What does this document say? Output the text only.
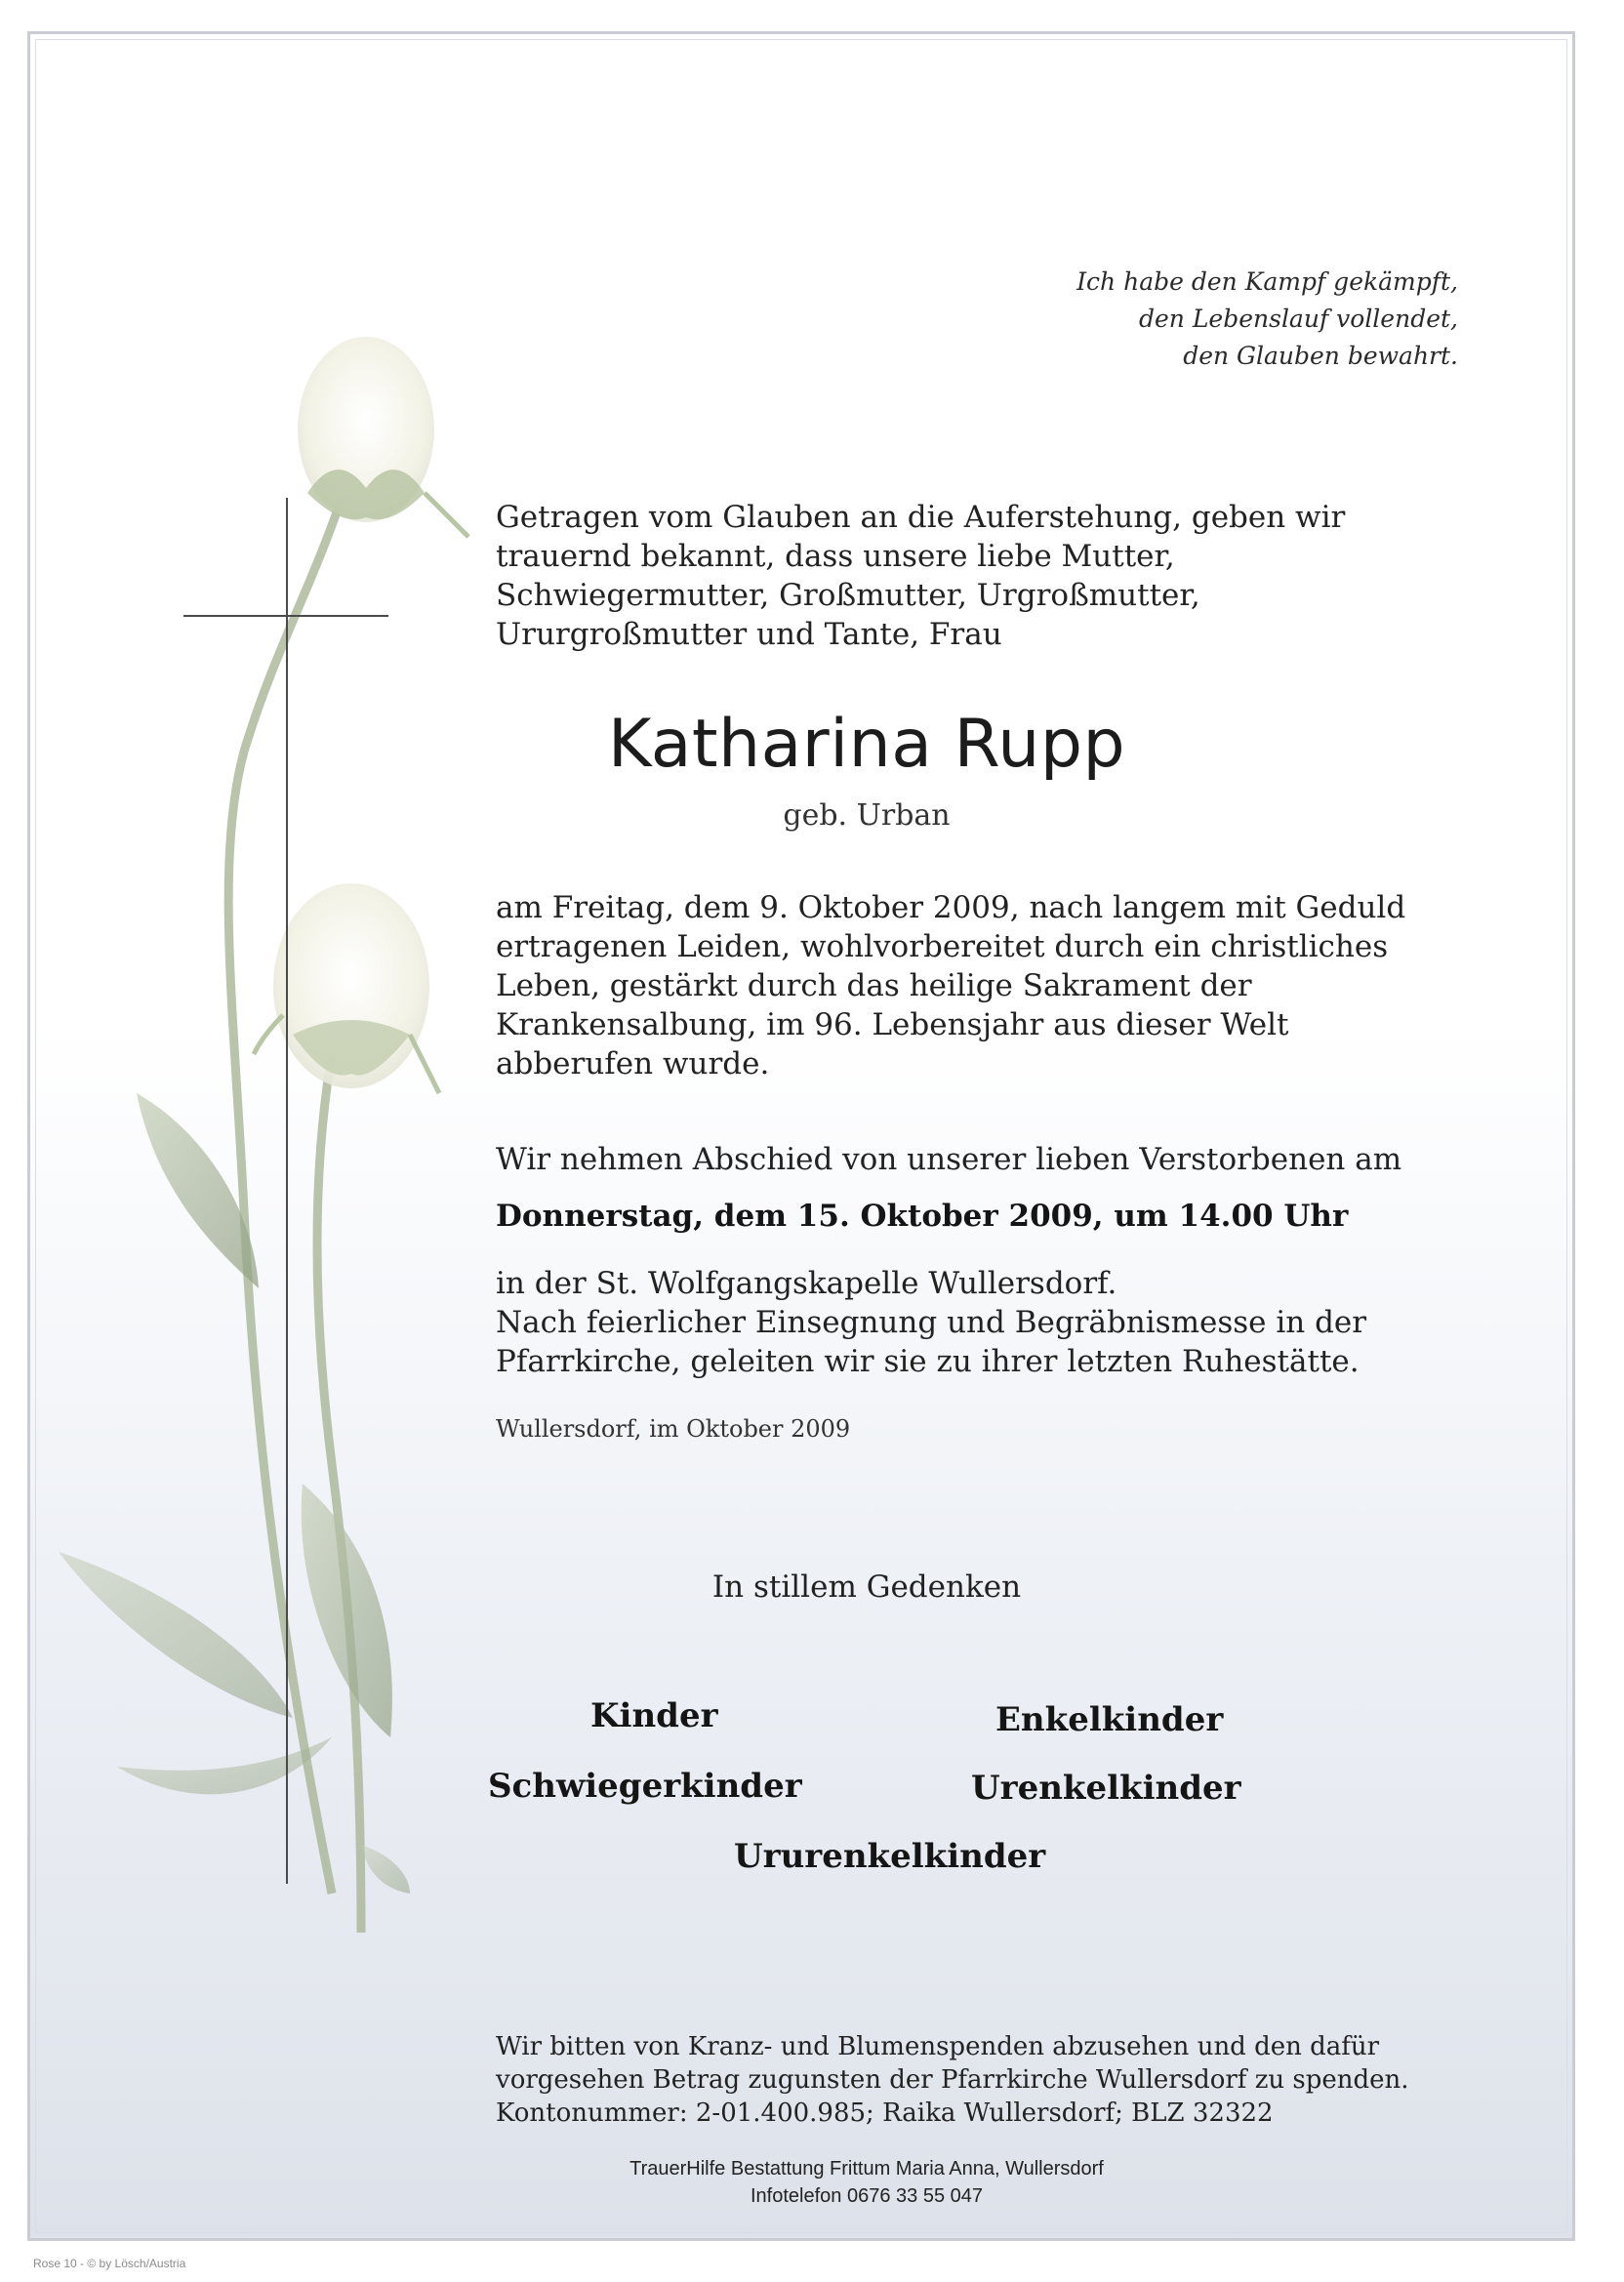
Ich habe den Kampf gekämpft,
den Lebenslauf vollendet,
den Glauben bewahrt.
Getragen vom Glauben an die Auferstehung, geben wir
trauernd bekannt, dass unsere liebe Mutter,
Schwiegermutter, Großmutter, Urgroßmutter,
Ururgroßmutter und Tante, Frau
Katharina Rupp
geb. Urban
am Freitag, dem 9. Oktober 2009, nach langem mit Geduld
ertragenen Leiden, wohlvorbereitet durch ein christliches
Leben, gestärkt durch das heilige Sakrament der
Krankensalbung, im 96. Lebensjahr aus dieser Welt
abberufen wurde.
Wir nehmen Abschied von unserer lieben Verstorbenen am
Donnerstag, dem 15. Oktober 2009, um 14.00 Uhr
in der St. Wolfgangskapelle Wullersdorf.
Nach feierlicher Einsegnung und Begräbnismesse in der
Pfarrkirche, geleiten wir sie zu ihrer letzten Ruhestätte.
Wullersdorf, im Oktober 2009
In stillem Gedenken
Kinder	Enkelkinder
Schwiegerkinder	Urenkelkinder
Ururenkelkinder
Wir bitten von Kranz- und Blumenspenden abzusehen und den dafür
vorgesehen Betrag zugunsten der Pfarrkirche Wullersdorf zu spenden.
Kontonummer: 2-01.400.985; Raika Wullersdorf; BLZ 32322
TrauerHilfe Bestattung Frittum Maria Anna, Wullersdorf
Infotelefon 0676 33 55 047
Rose 10 - © by Lösch/Austria
